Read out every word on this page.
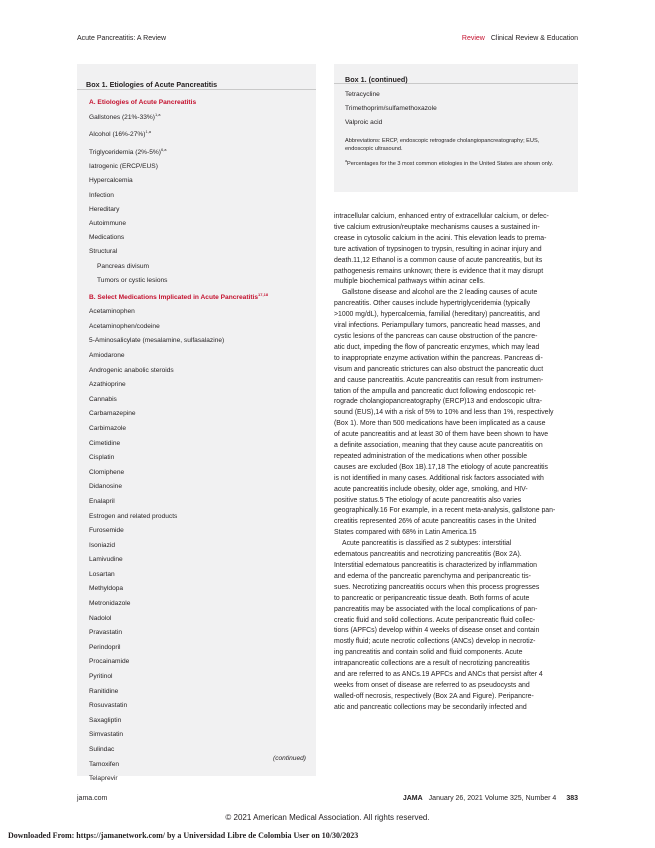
Acute Pancreatitis: A Review	Review Clinical Review & Education
Box 1. Etiologies of Acute Pancreatitis
A. Etiologies of Acute Pancreatitis
Gallstones $(21\%-33\%)^{1,a}$
Alcohol $(16\%-27\%)^{1,a}$
Triglyceridemia $(2\%-5\%)^{6,a}$
Iatrogenic (ERCP/EUS)
Hypercalcemia
Infection
Hereditary
Autoimmune
Medications
Structural
Pancreas divisum
Tumors or cystic lesions
B. Select Medications Implicated in Acute Pancreatitis$^{17,18}$
Acetaminophen
Acetaminophen/codeine
5-Aminosalicylate (mesalamine, sulfasalazine)
Amiodarone
Androgenic anabolic steroids
Azathioprine
Cannabis
Carbamazepine
Carbimazole
Cimetidine
Cisplatin
Clomiphene
Didanosine
Enalapril
Estrogen and related products
Furosemide
Isoniazid
Lamivudine
Losartan
Methyldopa
Metronidazole
Nadolol
Pravastatin
Perindopril
Procainamide
Pyritinol
Ranitidine
Rosuvastatin
Saxagliptin
Simvastatin
Sulindac
Tamoxifen
Telaprevir
(continued)
Box 1. (continued)
Tetracycline
Trimethoprim/sulfamethoxazole
Valproic acid
Abbreviations: ERCP, endoscopic retrograde cholangiopancreatography; EUS, endoscopic ultrasound.
$^a$Percentages for the 3 most common etiologies in the United States are shown only.
intracellular calcium, enhanced entry of extracellular calcium, or defec-
tive calcium extrusion/reuptake mechanisms causes a sustained in-
crease in cytosolic calcium in the acini. This elevation leads to prema-
ture activation of trypsinogen to trypsin, resulting in acinar injury and
death.11,12 Ethanol is a common cause of acute pancreatitis, but its
pathogenesis remains unknown; there is evidence that it may disrupt
multiple biochemical pathways within acinar cells.
Gallstone disease and alcohol are the 2 leading causes of acute
pancreatitis. Other causes include hypertriglyceridemia (typically
>1000 mg/dL), hypercalcemia, familial (hereditary) pancreatitis, and
viral infections. Periampullary tumors, pancreatic head masses, and
cystic lesions of the pancreas can cause obstruction of the pancre-
atic duct, impeding the flow of pancreatic enzymes, which may lead
to inappropriate enzyme activation within the pancreas. Pancreas di-
visum and pancreatic strictures can also obstruct the pancreatic duct
and cause pancreatitis. Acute pancreatitis can result from instrumen-
tation of the ampulla and pancreatic duct following endoscopic ret-
rograde cholangiopancreatography (ERCP)13 and endoscopic ultra-
sound (EUS),14 with a risk of 5% to 10% and less than 1%, respectively
(Box 1). More than 500 medications have been implicated as a cause
of acute pancreatitis and at least 30 of them have been shown to have
a definite association, meaning that they cause acute pancreatitis on
repeated administration of the medications when other possible
causes are excluded (Box 1B).17,18 The etiology of acute pancreatitis
is not identified in many cases. Additional risk factors associated with
acute pancreatitis include obesity, older age, smoking, and HIV-
positive status.5 The etiology of acute pancreatitis also varies
geographically.16 For example, in a recent meta-analysis, gallstone pan-
creatitis represented 26% of acute pancreatitis cases in the United
States compared with 68% in Latin America.15
Acute pancreatitis is classified as 2 subtypes: interstitial
edematous pancreatitis and necrotizing pancreatitis (Box 2A).
Interstitial edematous pancreatitis is characterized by inflammation
and edema of the pancreatic parenchyma and peripancreatic tis-
sues. Necrotizing pancreatitis occurs when this process progresses
to pancreatic or peripancreatic tissue death. Both forms of acute
pancreatitis may be associated with the local complications of pan-
creatic fluid and solid collections. Acute peripancreatic fluid collec-
tions (APFCs) develop within 4 weeks of disease onset and contain
mostly fluid; acute necrotic collections (ANCs) develop in necrotiz-
ing pancreatitis and contain solid and fluid components. Acute
intrapancreatic collections are a result of necrotizing pancreatitis
and are referred to as ANCs.19 APFCs and ANCs that persist after 4
weeks from onset of disease are referred to as pseudocysts and
walled-off necrosis, respectively (Box 2A and Figure). Peripancre-
atic and pancreatic collections may be secondarily infected and
jama.com	JAMA January 26, 2021 Volume 325, Number 4 383
© 2021 American Medical Association. All rights reserved.
Downloaded From: https://jamanetwork.com/ by a Universidad Libre de Colombia User on 10/30/2023
